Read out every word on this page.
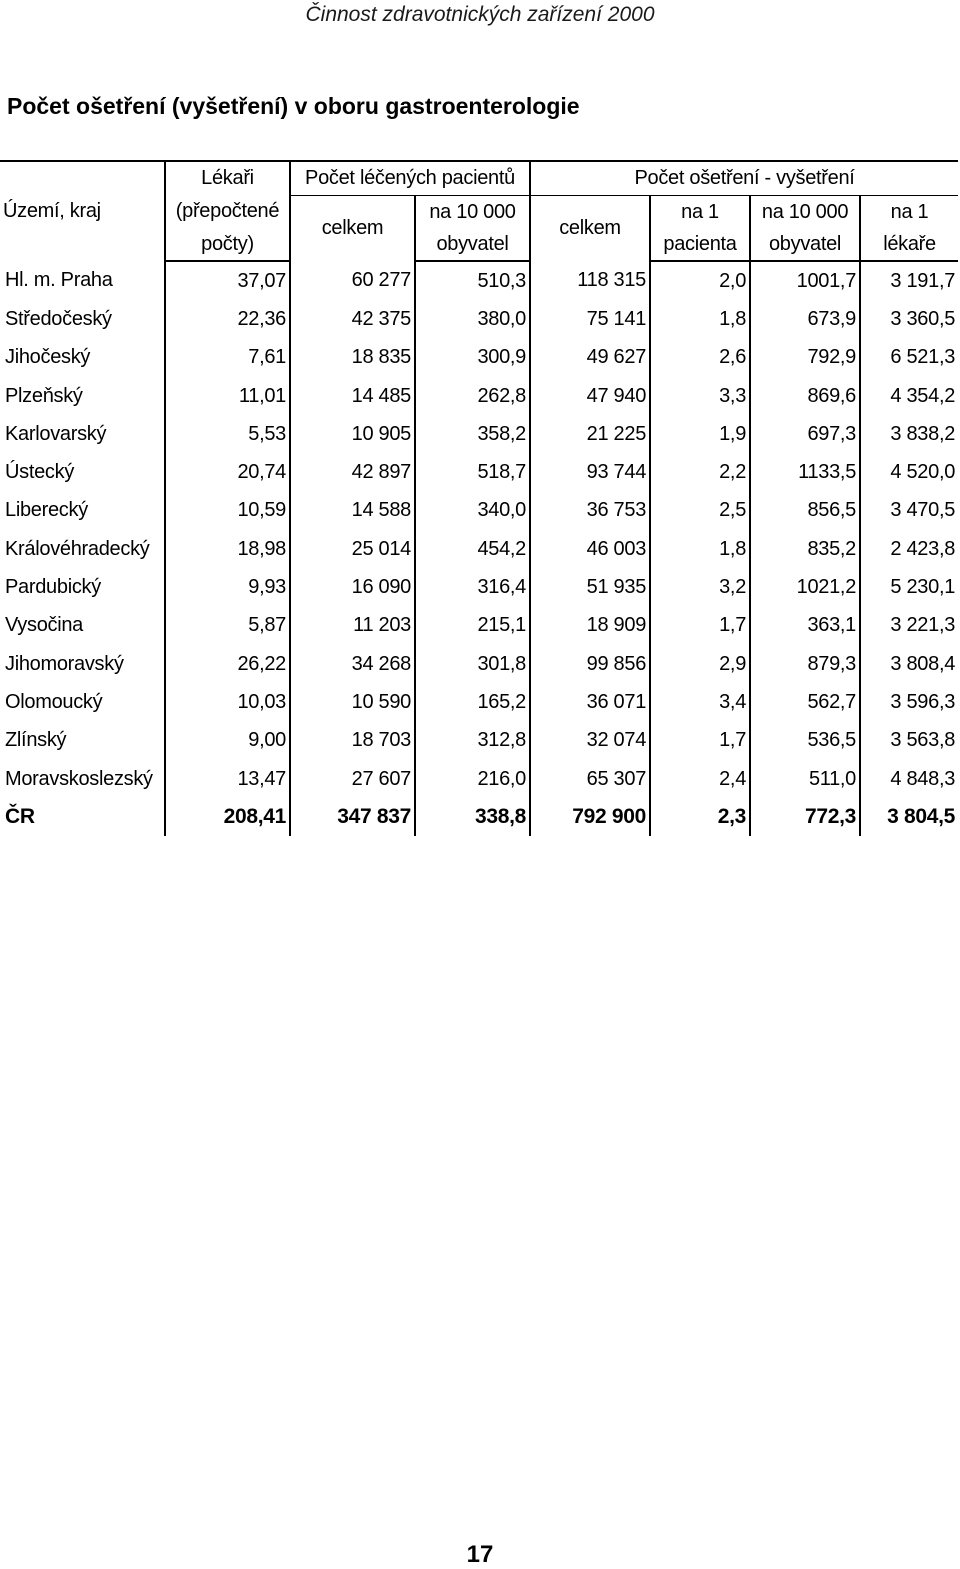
Činnost zdravotnických zařízení 2000
Počet ošetření (vyšetření) v oboru gastroenterologie
Území, kraj	Lékaři	Počet léčených pacientů		Počet ošetření - vyšetření			
	(přepočtené	celkem	na 10 000	celkem	na 1	na 10 000	na 1
	počty)		obyvatel		pacienta	obyvatel	lékaře
Hl. m. Praha	37,07	60 277	510,3	118 315	2,0	1001,7	3 191,7
Středočeský	22,36	42 375	380,0	75 141	1,8	673,9	3 360,5
Jihočeský	7,61	18 835	300,9	49 627	2,6	792,9	6 521,3
Plzeňský	11,01	14 485	262,8	47 940	3,3	869,6	4 354,2
Karlovarský	5,53	10 905	358,2	21 225	1,9	697,3	3 838,2
Ústecký	20,74	42 897	518,7	93 744	2,2	1133,5	4 520,0
Liberecký	10,59	14 588	340,0	36 753	2,5	856,5	3 470,5
Královéhradecký	18,98	25 014	454,2	46 003	1,8	835,2	2 423,8
Pardubický	9,93	16 090	316,4	51 935	3,2	1021,2	5 230,1
Vysočina	5,87	11 203	215,1	18 909	1,7	363,1	3 221,3
Jihomoravský	26,22	34 268	301,8	99 856	2,9	879,3	3 808,4
Olomoucký	10,03	10 590	165,2	36 071	3,4	562,7	3 596,3
Zlínský	9,00	18 703	312,8	32 074	1,7	536,5	3 563,8
Moravskoslezský	13,47	27 607	216,0	65 307	2,4	511,0	4 848,3
ČR	208,41	347 837	338,8	792 900	2,3	772,3	3 804,5
17
